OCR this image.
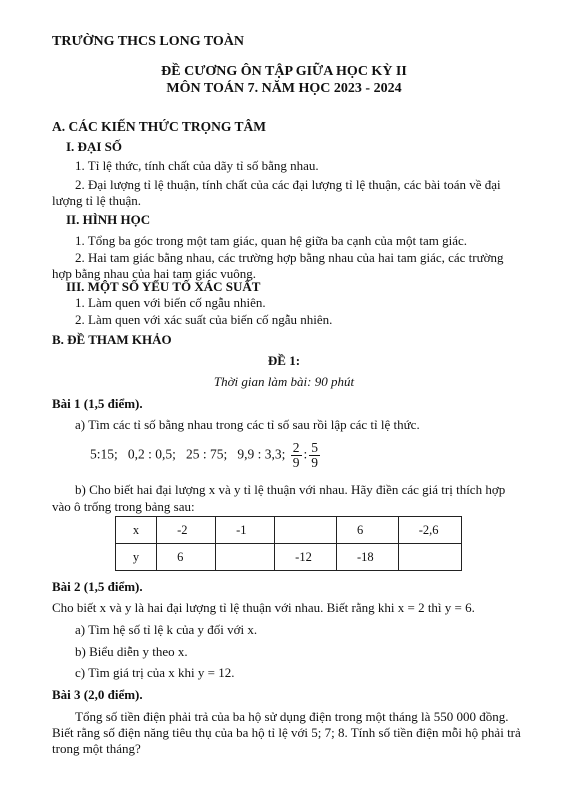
TRƯỜNG THCS LONG TOÀN
ĐỀ CƯƠNG ÔN TẬP GIỮA HỌC KỲ II
MÔN TOÁN 7. NĂM HỌC 2023 - 2024
A. CÁC KIẾN THỨC TRỌNG TÂM
I. ĐẠI SỐ
1. Tỉ lệ thức, tính chất của dãy tỉ số bằng nhau.
2. Đại lượng tỉ lệ thuận, tính chất của các đại lượng tỉ lệ thuận, các bài toán về đại
lượng tỉ lệ thuận.
II. HÌNH HỌC
1. Tổng ba góc trong một tam giác, quan hệ giữa ba cạnh của một tam giác.
2. Hai tam giác bằng nhau, các trường hợp bằng nhau của hai tam giác, các trường
hợp bằng nhau của hai tam giác vuông.
III. MỘT SỐ YẾU TỐ XÁC SUẤT
1. Làm quen với biến cố ngẫu nhiên.
2. Làm quen với xác suất của biến cố ngẫu nhiên.
B. ĐỀ THAM KHẢO
ĐỀ 1:
Thời gian làm bài: 90 phút
Bài 1 (1,5 điểm).
a) Tìm các tỉ số bằng nhau trong các tỉ số sau rồi lập các tỉ lệ thức.
5:15;   0,2 : 0,5;   25 : 75;   9,9 : 3,3; $\frac{2}{9}$ : $\frac{5}{9}$
b) Cho biết hai đại lượng x và y tỉ lệ thuận với nhau. Hãy điền các giá trị thích hợp
vào ô trống trong bảng sau:
x	-2	-1		6	-2,6
y	6		-12	-18	
Bài 2 (1,5 điểm).
Cho biết x và y là hai đại lượng tỉ lệ thuận với nhau. Biết rằng khi x = 2 thì y = 6.
a) Tìm hệ số tỉ lệ k của y đối với x.
b) Biểu diễn y theo x.
c) Tìm giá trị của x khi y = 12.
Bài 3 (2,0 điểm).
Tổng số tiền điện phải trả của ba hộ sử dụng điện trong một tháng là 550 000 đồng.
Biết rằng số điện năng tiêu thụ của ba hộ tỉ lệ với 5; 7; 8. Tính số tiền điện mỗi hộ phải trả
trong một tháng?
